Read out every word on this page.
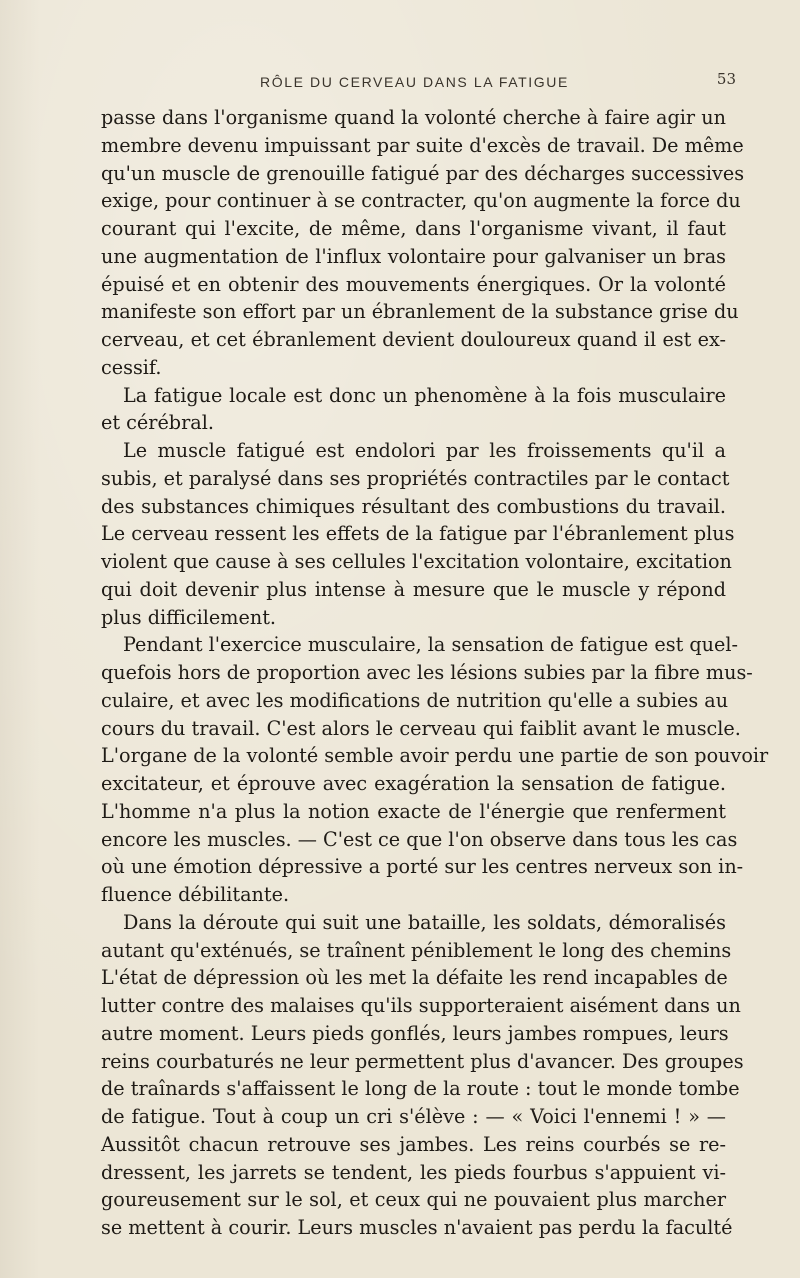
RÔLE DU CERVEAU DANS LA FATIGUE	53
passe dans l'organisme quand la volonté cherche à faire agir un
membre devenu impuissant par suite d'excès de travail. De même
qu'un muscle de grenouille fatigué par des décharges successives
exige, pour continuer à se contracter, qu'on augmente la force du
courant qui l'excite, de même, dans l'organisme vivant, il faut
une augmentation de l'influx volontaire pour galvaniser un bras
épuisé et en obtenir des mouvements énergiques. Or la volonté
manifeste son effort par un ébranlement de la substance grise du
cerveau, et cet ébranlement devient douloureux quand il est ex-
cessif.
La fatigue locale est donc un phenomène à la fois musculaire
et cérébral.
Le muscle fatigué est endolori par les froissements qu'il a
subis, et paralysé dans ses propriétés contractiles par le contact
des substances chimiques résultant des combustions du travail.
Le cerveau ressent les effets de la fatigue par l'ébranlement plus
violent que cause à ses cellules l'excitation volontaire, excitation
qui doit devenir plus intense à mesure que le muscle y répond
plus difficilement.
Pendant l'exercice musculaire, la sensation de fatigue est quel-
quefois hors de proportion avec les lésions subies par la fibre mus-
culaire, et avec les modifications de nutrition qu'elle a subies au
cours du travail. C'est alors le cerveau qui faiblit avant le muscle.
L'organe de la volonté semble avoir perdu une partie de son pouvoir
excitateur, et éprouve avec exagération la sensation de fatigue.
L'homme n'a plus la notion exacte de l'énergie que renferment
encore les muscles. — C'est ce que l'on observe dans tous les cas
où une émotion dépressive a porté sur les centres nerveux son in-
fluence débilitante.
Dans la déroute qui suit une bataille, les soldats, démoralisés
autant qu'exténués, se traînent péniblement le long des chemins
L'état de dépression où les met la défaite les rend incapables de
lutter contre des malaises qu'ils supporteraient aisément dans un
autre moment. Leurs pieds gonflés, leurs jambes rompues, leurs
reins courbaturés ne leur permettent plus d'avancer. Des groupes
de traînards s'affaissent le long de la route : tout le monde tombe
de fatigue. Tout à coup un cri s'élève : — « Voici l'ennemi ! » —
Aussitôt chacun retrouve ses jambes. Les reins courbés se re-
dressent, les jarrets se tendent, les pieds fourbus s'appuient vi-
goureusement sur le sol, et ceux qui ne pouvaient plus marcher
se mettent à courir. Leurs muscles n'avaient pas perdu la faculté
